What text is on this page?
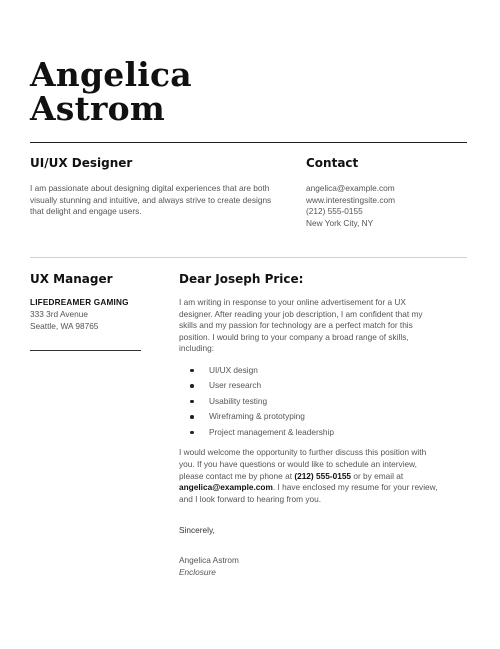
Angelica
Astrom
UI/UX Designer

I am passionate about designing digital experiences that are both visually stunning and intuitive, and always strive to create designs that delight and engage users.

Contact
angelica@example.com
www.interestingsite.com
(212) 555-0155
New York City, NY
UX Manager
LIFEDREAMER GAMING
333 3rd Avenue
Seattle, WA 98765
Dear Joseph Price:

I am writing in response to your online advertisement for a UX designer. After reading your job description, I am confident that my skills and my passion for technology are a perfect match for this position. I would bring to your company a broad range of skills, including:

UI/UX design
User research
Usability testing
Wireframing & prototyping
Project management & leadership

I would welcome the opportunity to further discuss this position with you. If you have questions or would like to schedule an interview, please contact me by phone at (212) 555-0155 or by email at angelica@example.com. I have enclosed my resume for your review, and I look forward to hearing from you.

Sincerely,

Angelica Astrom

Enclosure
